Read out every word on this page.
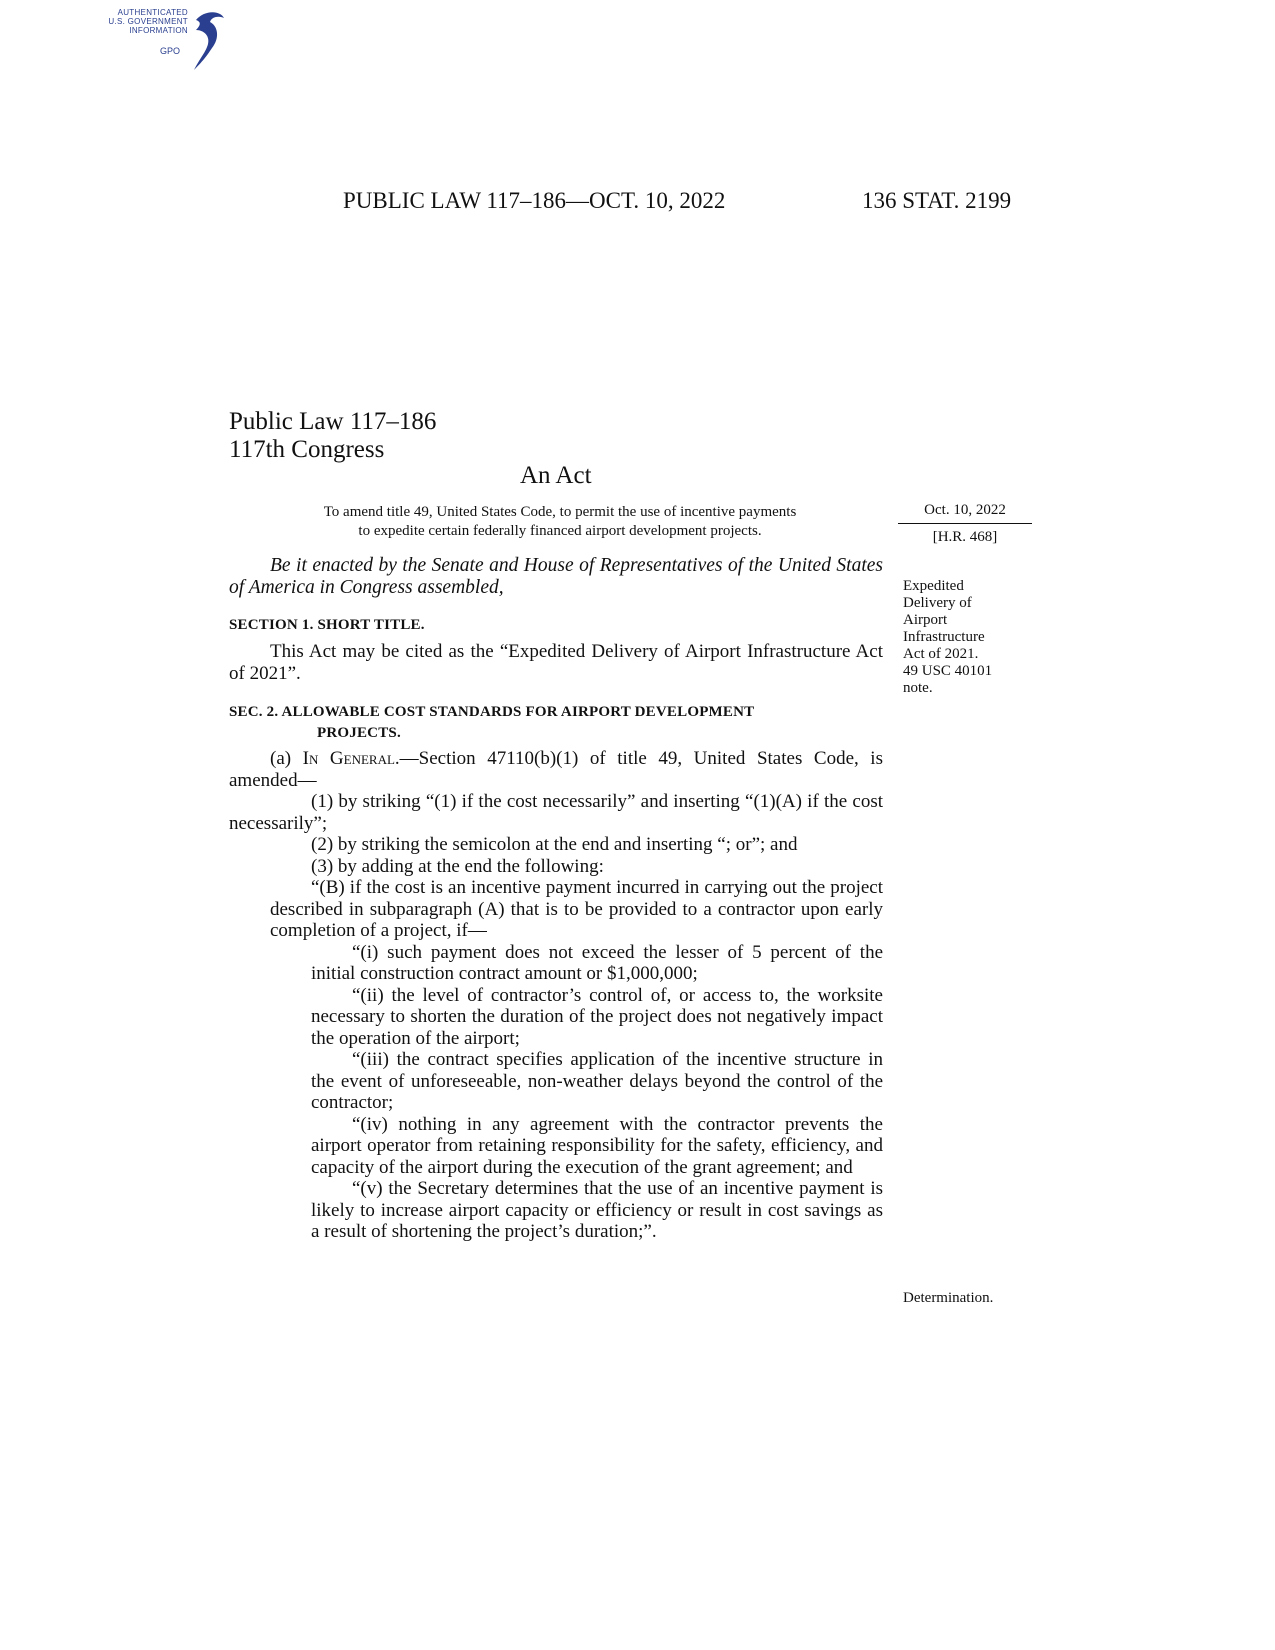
AUTHENTICATED
U.S. GOVERNMENT
INFORMATION
GPO
PUBLIC LAW 117–186—OCT. 10, 2022	136 STAT. 2199
Public Law 117–186
117th Congress
An Act
To amend title 49, United States Code, to permit the use of incentive payments
to expedite certain federally financed airport development projects.
Oct. 10, 2022
[H.R. 468]

Be it enacted by the Senate and House of Representatives of the United States of America in Congress assembled,

SECTION 1. SHORT TITLE.

This Act may be cited as the “Expedited Delivery of Airport Infrastructure Act of 2021”.

SEC. 2. ALLOWABLE COST STANDARDS FOR AIRPORT DEVELOPMENT
PROJECTS.

(a) In General.—Section 47110(b)(1) of title 49, United States Code, is amended—

(1) by striking “(1) if the cost necessarily” and inserting “(1)(A) if the cost necessarily”;

(2) by striking the semicolon at the end and inserting “; or”; and

(3) by adding at the end the following:

“(B) if the cost is an incentive payment incurred in carrying out the project described in subparagraph (A) that is to be provided to a contractor upon early completion of a project, if—

“(i) such payment does not exceed the lesser of 5 percent of the initial construction contract amount or $1,000,000;

“(ii) the level of contractor’s control of, or access to, the worksite necessary to shorten the duration of the project does not negatively impact the operation of the airport;

“(iii) the contract specifies application of the incentive structure in the event of unforeseeable, non-weather delays beyond the control of the contractor;

“(iv) nothing in any agreement with the contractor prevents the airport operator from retaining responsibility for the safety, efficiency, and capacity of the airport during the execution of the grant agreement; and

“(v) the Secretary determines that the use of an incentive payment is likely to increase airport capacity or efficiency or result in cost savings as a result of shortening the project’s duration;”.

Expedited
Delivery of
Airport
Infrastructure
Act of 2021.
49 USC 40101
note.
Determination.
